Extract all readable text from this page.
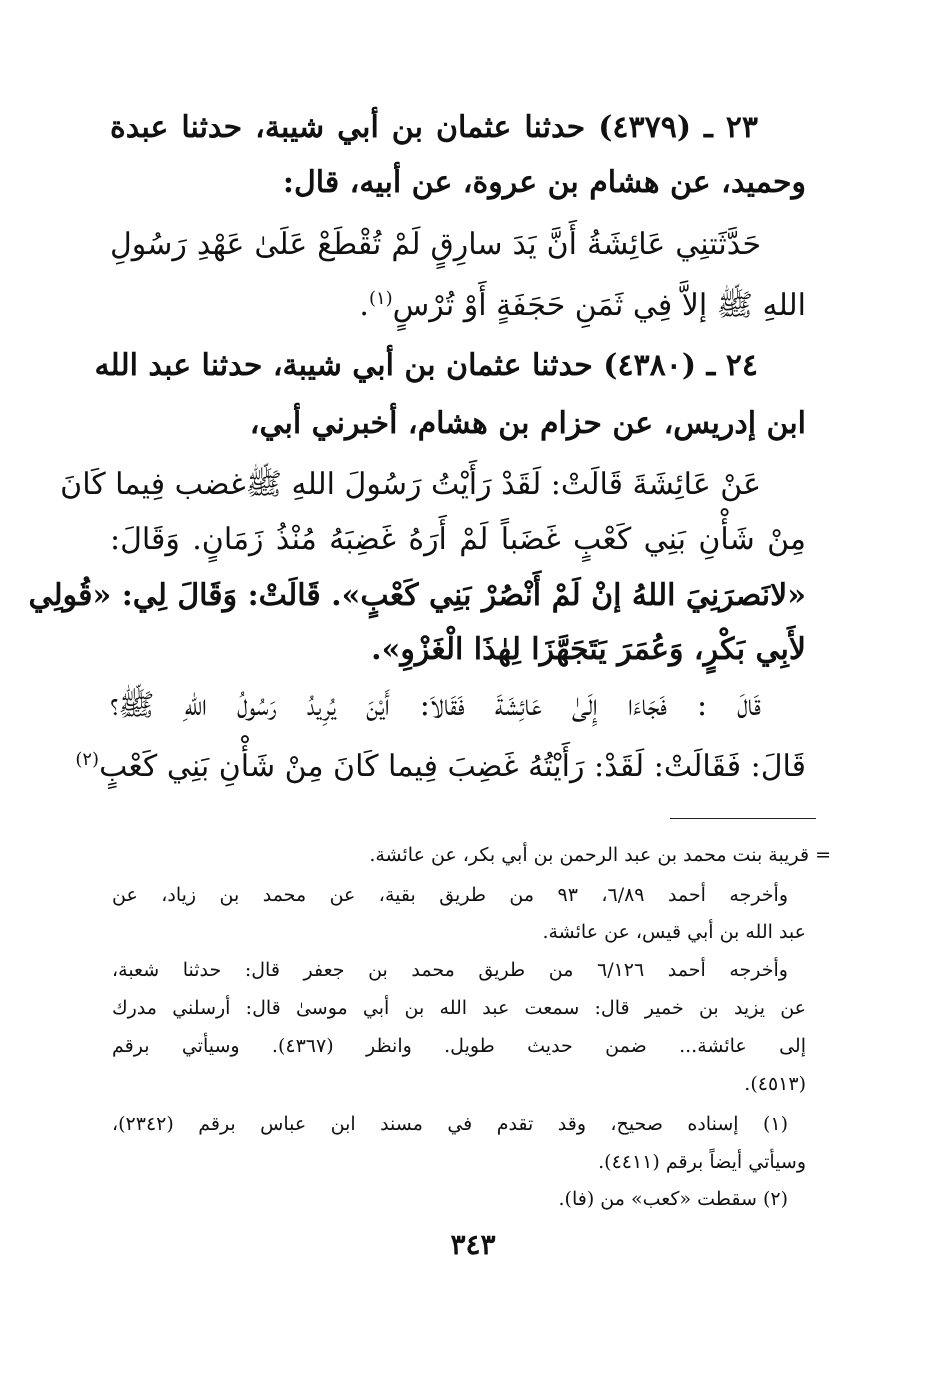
٢٣ ـ (٤٣٧٩) حدثنا عثمان بن أبي شيبة، حدثنا عبدة
وحميد، عن هشام بن عروة، عن أبيه، قال:
حَدَّثَتنِي عَائِشَةُ أَنَّ يَدَ سارِقٍ لَمْ تُقْطَعْ عَلَىٰ عَهْدِ رَسُولِ
اللهِ ﷺ إلاَّ فِي ثَمَنِ حَجَفَةٍ أَوْ تُرْسٍ$^{(١)}$.
٢٤ ـ (٤٣٨٠) حدثنا عثمان بن أبي شيبة، حدثنا عبد الله
ابن إدريس، عن حزام بن هشام، أخبرني أبي،
عَنْ عَائِشَةَ قَالَتْ: لَقَدْ رَأَيْتُ رَسُولَ اللهِ ﷺغضب فِيما كَانَ
مِنْ شَأْنِ بَنِي كَعْبٍ غَضَباً لَمْ أَرَهُ غَضِبَهُ مُنْذُ زَمَانٍ. وَقَالَ:
«لانَصرَنِيَ اللهُ إنْ لَمْ أَنْصُرْ بَنِي كَعْبٍ». قَالَتْ: وَقَالَ لِي: «قُولِي
لأَبِي بَكْرٍ، وَعُمَرَ يَتَجَهَّزَا لِهٰذَا الْغَزْوِ».
قَالَ : فَجَاءَا إِلَىٰ عَائِشَةَ فَقَالاَ: أَيْنَ يُرِيدُ رَسُولُ اللهِ ﷺ؟
قَالَ: فَقَالَتْ: لَقَدْ: رَأَيْتُهُ غَضِبَ فِيما كَانَ مِنْ شَأْنِ بَنِي كَعْبٍ$^{(٢)}$
= قريبة بنت محمد بن عبد الرحمن بن أبي بكر، عن عائشة.
وأخرجه أحمد ٦/٨٩، ٩٣ من طريق بقية، عن محمد بن زياد، عن
عبد الله بن أبي قيس، عن عائشة.
وأخرجه أحمد ٦/١٢٦ من طريق محمد بن جعفر قال: حدثنا شعبة،
عن يزيد بن خمير قال: سمعت عبد الله بن أبي موسىٰ قال: أرسلني مدرك
إلى عائشة... ضمن حديث طويل. وانظر (٤٣٦٧). وسيأتي برقم
(٤٥١٣).
(١) إسناده صحيح، وقد تقدم في مسند ابن عباس برقم (٢٣٤٢)،
وسيأتي أيضاً برقم (٤٤١١).
(٢) سقطت «كعب» من (فا).
٣٤٣
